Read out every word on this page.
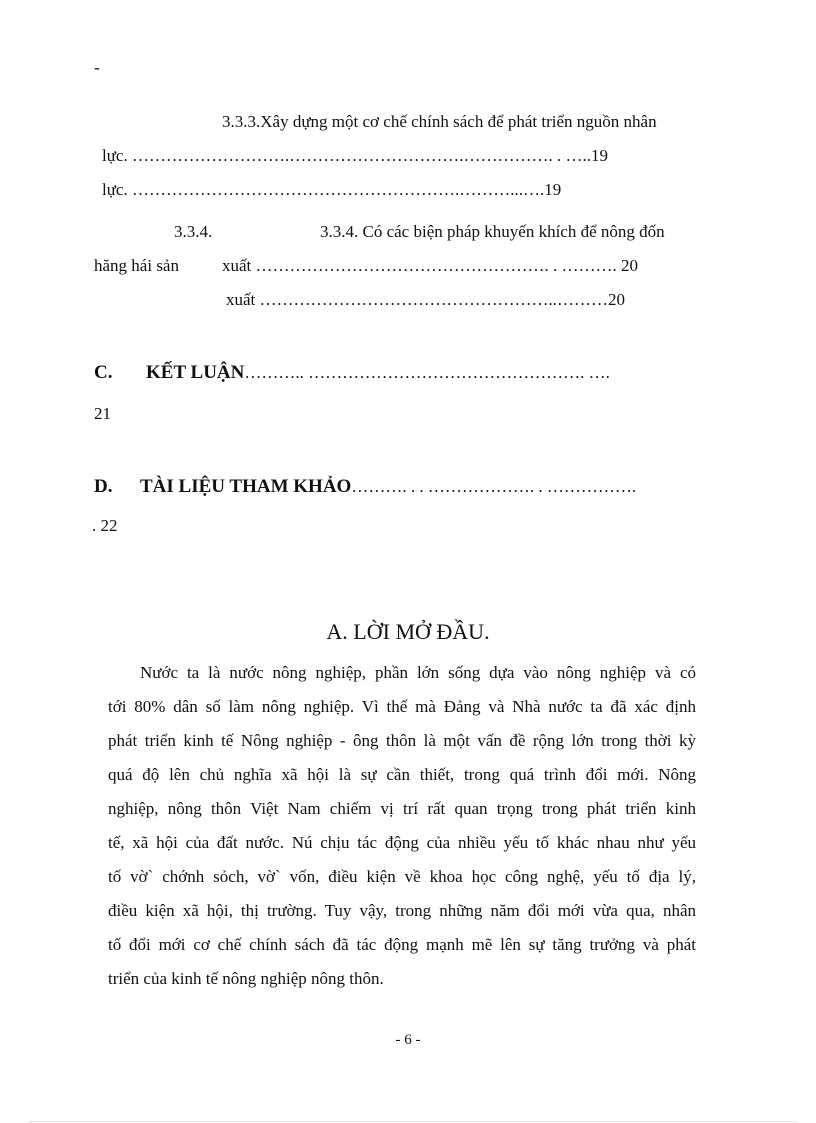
-
3.3.3.Xây dựng một cơ chế chính sách để phát triển nguồn nhân
lực. ……………………….………………………….……………. . …..19
lực. ………………………………………………….………...….19
3.3.4.	3.3.4. Có các biện pháp khuyến khích để nông đốn
hăng hái sản	xuất ……………………………………………. . ………. 20
xuất ……………………………………………..………20
C. KẾT LUẬN……….. …………………………………………. ….
21
D. TÀI LIỆU THAM KHẢO………. . . ………………. . …………….
. 22
A. LỜI MỞ ĐẦU.
Nước ta là nước nông nghiệp, phần lớn sống dựa vào nông nghiệp và có
tới 80% dân số làm nông nghiệp. Vì thế mà Đảng và Nhà nước ta đã xác định
phát triển kinh tế Nông nghiệp - ông thôn là một vấn đề rộng lớn trong thời kỳ
quá độ lên chủ nghĩa xã hội là sự cần thiết, trong quá trình đổi mới. Nông
nghiệp, nông thôn Việt Nam chiếm vị trí rất quan trọng trong phát triển kinh
tế, xã hội của đất nước. Nú chịu tác động của nhiều yếu tố khác nhau như yếu
tố vờ` chớnh sỏch, vờ` vốn, điều kiện về khoa học công nghệ, yếu tố địa lý,
điều kiện xã hội, thị trường. Tuy vậy, trong những năm đổi mới vừa qua, nhân
tố đổi mới cơ chế chính sách đã tác động mạnh mẽ lên sự tăng trưởng và phát
triển của kinh tế nông nghiệp nông thôn.
- 6 -
